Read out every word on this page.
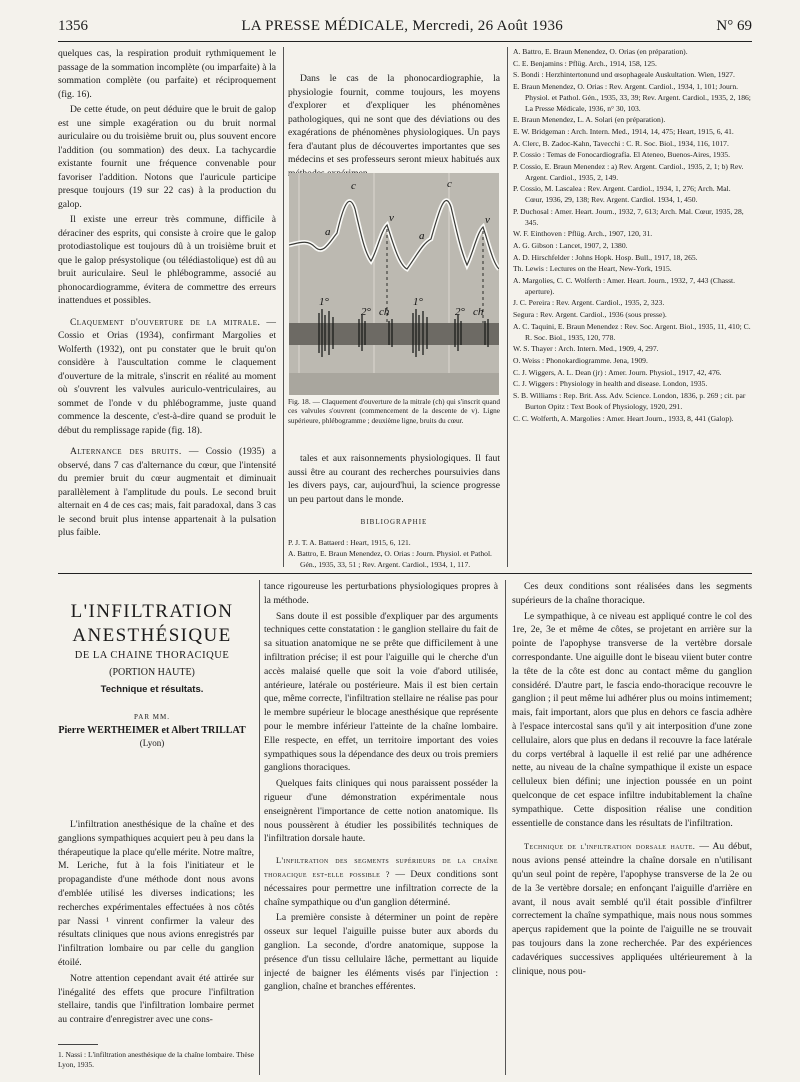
1356	LA PRESSE MÉDICALE, Mercredi, 26 Août 1936	N° 69

quelques cas, la respiration produit rythmiquement le passage de la sommation incomplète (ou imparfaite) à la sommation complète (ou parfaite) et réciproquement (fig. 16).

De cette étude, on peut déduire que le bruit de galop est une simple exagération ou du bruit normal auriculaire ou du troisième bruit ou, plus souvent encore l'addition (ou sommation) des deux. La tachycardie existante fournit une fréquence convenable pour favoriser l'addition. Notons que l'auricule participe presque toujours (19 sur 22 cas) à la production du galop.

Il existe une erreur très commune, difficile à déraciner des esprits, qui consiste à croire que le galop protodiastolique est toujours dû à un troisième bruit et que le galop présystolique (ou télédiastolique) est dû au bruit auriculaire. Seul le phlébogramme, associé au phonocardiogramme, évitera de commettre des erreurs inattendues et possibles.

Claquement d'ouverture de la mitrale. — Cossio et Orias (1934), confirmant Margolies et Wolferth (1932), ont pu constater que le bruit qu'on considère à l'auscultation comme le claquement d'ouverture de la mitrale, s'inscrit en réalité au moment où s'ouvrent les valvules auriculo-ventriculaires, au sommet de l'onde v du phlébogramme, juste quand commence la descente, c'est-à-dire quand se produit le début du remplissage rapide (fig. 18).

Alternance des bruits. — Cossio (1935) a observé, dans 7 cas d'alternance du cœur, que l'intensité du premier bruit du cœur augmentait et diminuait parallèlement à l'amplitude du pouls. Le second bruit alternait en 4 de ces cas; mais, fait paradoxal, dans 3 cas le second bruit plus intense appartenait à la pulsation plus faible.

Dans le cas de la phonocardiographie, la physiologie fournit, comme toujours, les moyens d'explorer et d'expliquer les phénomènes pathologiques, qui ne sont que des déviations ou des exagérations de phénomènes physiologiques. Un pays fera d'autant plus de découvertes importantes que ses médecins et ses professeurs seront mieux habitués aux

c	c
v	v
a	a
1°	1°
2° ch	2° ch
Fig. 18. — Claquement d'ouverture de la mitrale (ch) qui s'inscrit quand ces valvules s'ouvrent (commencement de la descente de v). Ligne supérieure, phlébogramme ; deuxième ligne, bruits du cœur.

tales et aux raisonnements physiologiques. Il faut aussi être au courant des recherches poursuivies dans les divers pays, car, aujourd'hui, la science progresse un peu partout dans le monde.

BIBLIOGRAPHIE
P. J. T. A. Battaerd : Heart, 1915, 6, 121.
A. Battro, E. Braun Menendez, O. Orias : Journ. Physiol. et Pathol. Gén., 1935, 33, 51 ; Rev. Argent. Cardiol., 1934, 1, 117.
A. Battro, E. Braun Menendez, O. Orias (en préparation).
C. E. Benjamins : Pflüg. Arch., 1914, 158, 125.
S. Bondi : Herzhintertonund und œsophageale Auskultation. Wien, 1927.
E. Braun Menendez, O. Orias : Rev. Argent. Cardiol., 1934, 1, 101; Journ. Physiol. et Pathol. Gén., 1935, 33, 39; Rev. Argent. Cardiol., 1935, 2, 186; La Presse Médicale, 1936, n° 30, 103.
E. Braun Menendez, L. A. Solari (en préparation).
E. W. Bridgeman : Arch. Intern. Med., 1914, 14, 475; Heart, 1915, 6, 41.
A. Clerc, B. Zadoc-Kahn, Tavecchi : C. R. Soc. Biol., 1934, 116, 1017.
P. Cossio : Temas de Fonocardiografía. El Ateneo, Buenos-Aires, 1935.
P. Cossio, E. Braun Menendez : a) Rev. Argent. Cardiol., 1935, 2, 1; b) Rev. Argent. Cardiol., 1935, 2, 149.
P. Cossio, M. Lascalea : Rev. Argent. Cardiol., 1934, 1, 276; Arch. Mal. Cœur, 1936, 29, 138; Rev. Argent. Cardiol. 1934, 1, 450.
P. Duchosal : Amer. Heart. Journ., 1932, 7, 613; Arch. Mal. Cœur, 1935, 28, 345.
W. F. Einthoven : Pflüg. Arch., 1907, 120, 31.
A. G. Gibson : Lancet, 1907, 2, 1380.
A. D. Hirschfelder : Johns Hopk. Hosp. Bull., 1917, 18, 265.
Th. Lewis : Lectures on the Heart, New-York, 1915.
A. Margolies, C. C. Wolferth : Amer. Heart. Journ., 1932, 7, 443 (Chasst. aperture).
J. C. Pereira : Rev. Argent. Cardiol., 1935, 2, 323.
Segura : Rev. Argent. Cardiol., 1936 (sous presse).
A. C. Taquini, E. Braun Menendez : Rev. Soc. Argent. Biol., 1935, 11, 410; C. R. Soc. Biol., 1935, 120, 778.
W. S. Thayer : Arch. Intern. Med., 1909, 4, 297.
O. Weiss : Phonokardiogramme. Jena, 1909.
C. J. Wiggers, A. L. Dean (jr) : Amer. Journ. Physiol., 1917, 42, 476.
C. J. Wiggers : Physiology in health and disease. London, 1935.
S. B. Williams : Rep. Brit. Ass. Adv. Science. London, 1836, p. 269 ; cit. par Burton Opitz : Text Book of Physiology, 1920, 291.
C. C. Wolferth, A. Margolies : Amer. Heart Journ., 1933, 8, 441 (Galop).
L'INFILTRATION
ANESTHÉSIQUE
DE LA CHAINE THORACIQUE
(PORTION HAUTE)
Technique et résultats.
PAR MM.
Pierre WERTHEIMER et Albert TRILLAT
(Lyon)

L'infiltration anesthésique de la chaîne et des ganglions sympathiques acquiert peu à peu dans la thérapeutique la place qu'elle mérite. Notre maître, M. Leriche, fut à la fois l'initiateur et le propagandiste d'une méthode dont nous avons d'emblée utilisé les diverses indications; les recherches expérimentales effectuées à nos côtés par Nassi ¹ vinrent confirmer la valeur des résultats cliniques que nous avions enregistrés par l'infiltration lombaire ou par celle du ganglion étoilé.

Notre attention cependant avait été attirée sur l'inégalité des effets que procure l'infiltration stellaire, tandis que l'infiltration lombaire permet au contraire d'enregistrer avec une cons-

1. Nassi : L'infiltration anesthésique de la chaîne lombaire. Thèse Lyon, 1935.

tance rigoureuse les perturbations physiologiques propres à la méthode.

Sans doute il est possible d'expliquer par des arguments techniques cette constatation : le ganglion stellaire du fait de sa situation anatomique ne se prête que difficilement à une infiltration précise; il est pour l'aiguille qui le cherche d'un accès malaisé quelle que soit la voie d'abord utilisée, antérieure, latérale ou postérieure. Mais il est bien certain que, même correcte, l'infiltration stellaire ne réalise pas pour le membre supérieur le blocage anesthésique que représente pour le membre inférieur l'atteinte de la chaîne lombaire. Elle respecte, en effet, un territoire important des voies sympathiques sous la dépendance des deux ou trois premiers ganglions thoraciques.

Quelques faits cliniques qui nous paraissent posséder la rigueur d'une démonstration expérimentale nous enseignèrent l'importance de cette notion anatomique. Ils nous poussèrent à étudier les possibilités techniques de l'infiltration dorsale haute.

L'infiltration des segments supérieurs de la chaîne thoracique est-elle possible ? — Deux conditions sont nécessaires pour permettre une infiltration correcte de la chaîne sympathique ou d'un ganglion déterminé.

La première consiste à déterminer un point de repère osseux sur lequel l'aiguille puisse buter aux abords du ganglion. La seconde, d'ordre anatomique, suppose la présence d'un tissu cellulaire lâche, permettant au liquide injecté de baigner les éléments visés par l'injection : ganglion, chaîne et branches efférentes.

Ces deux conditions sont réalisées dans les segments supérieurs de la chaîne thoracique.

Le sympathique, à ce niveau est appliqué contre le col des 1re, 2e, 3e et même 4e côtes, se projetant en arrière sur la pointe de l'apophyse transverse de la vertèbre dorsale correspondante. Une aiguille dont le biseau viient buter contre la tête de la côte est donc au contact même du ganglion considéré. D'autre part, le fascia endo-thoracique recouvre le ganglion ; il peut même lui adhérer plus ou moins intimement; mais, fait important, alors que plus en dehors ce fascia adhère à l'espace intercostal sans qu'il y ait interposition d'une zone cellulaire, alors que plus en dedans il recouvre la face latérale du corps vertébral à laquelle il est relié par une adhérence nette, au niveau de la chaîne sympathique il existe un espace celluleux bien défini; une injection poussée en un point quelconque de cet espace infiltre indubitablement la chaîne sympathique. Cette disposition réalise une condition essentielle de constance dans les résultats de l'infiltration.

Technique de l'infiltration dorsale haute. — Au début, nous avions pensé atteindre la chaîne dorsale en n'utilisant qu'un seul point de repère, l'apophyse transverse de la 2e ou de la 3e vertèbre dorsale; en enfonçant l'aiguille d'arrière en avant, il nous avait semblé qu'il était possible d'infiltrer correctement la chaîne sympathique, mais nous nous sommes aperçus rapidement que la pointe de l'aiguille ne se trouvait pas toujours dans la zone recherchée. Par des expériences cadavériques successives appliquées ultérieurement à la clinique, nous pou-
